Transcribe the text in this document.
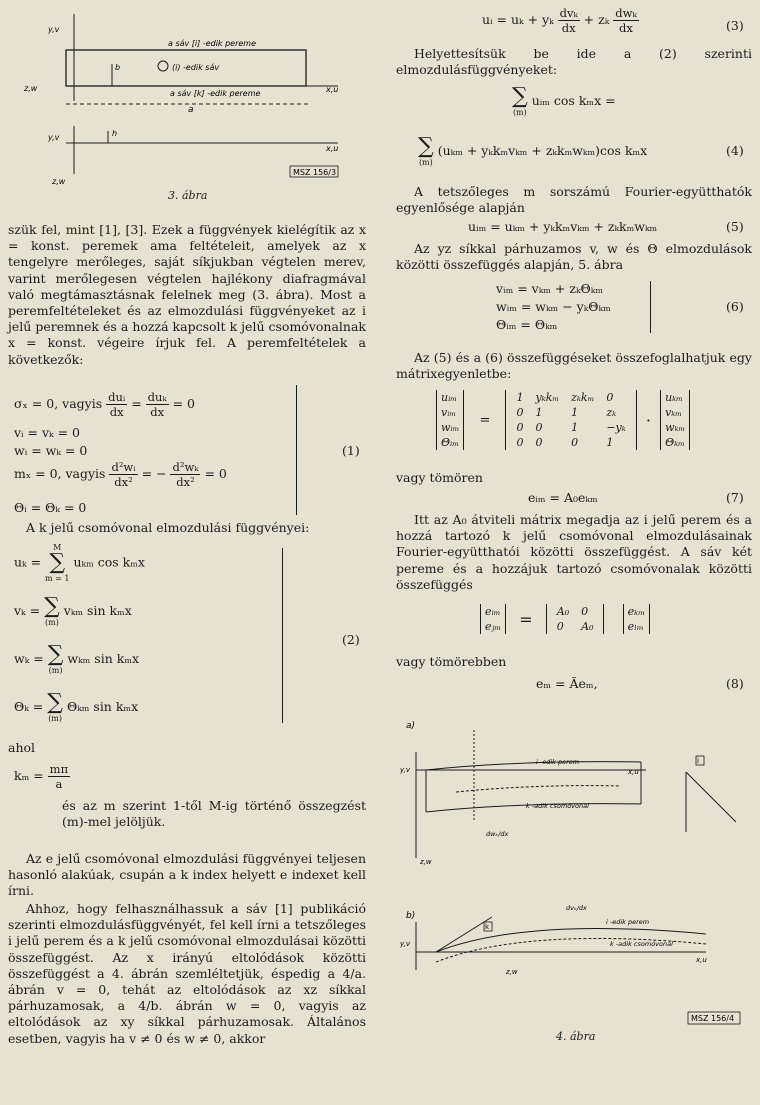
y,v
a sáv [i] -edik pereme
b	(i) -edik sáv
a sáv [k] -edik pereme
z,w	x,u
a
h
y,v
x,u
z,w
MSZ 156/3
3. ábra

szük fel, mint [1], [3]. Ezek a függvények kielégítik az x = konst. peremek ama feltételeit, amelyek az x tengelyre merőleges, saját síkjukban végtelen merev, varint merőlegesen végtelen hajlékony diafragmával való megtámasztásnak felelnek meg (3. ábra). Most a peremfeltételeket és az elmozdulási függvényeket az i jelű peremnek és a hozzá kapcsolt k jelű csomóvonalnak x = konst. végeire írjuk fel. A peremfeltételek a következők:

σₓ = 0, vagyis $\frac{\text{duᵢ}}{dx} = \frac{\text{duₖ}}{dx} = 0$
vᵢ = vₖ = 0
wᵢ = wₖ = 0
mₓ = 0, vagyis $\frac{\text{d²wᵢ}}{\text{dx²}}$ = − $\frac{\text{d²wₖ}}{\text{dx²}} = 0$
Θᵢ = Θₖ = 0
(1)

A k jelű csomóvonal elmozdulási függvényei:

uₖ =
M
∑
m = 1
uₖₘ cos kₘx
vₖ = ∑
(m)
vₖₘ sin kₘx
wₖ = ∑
(m)
wₖₘ sin kₘx
Θₖ = ∑
(m)
Θₖₘ sin kₘx
(2)
ahol
$k_m = \frac{m\pi}{a}$

és az m szerint 1-től M-ig történő összegzést (m)-mel jelöljük.

Az e jelű csomóvonal elmozdulási függvényei teljesen hasonló alakúak, csupán a k index helyett e indexet kell írni.

Ahhoz, hogy felhasználhassuk a sáv [1] publikáció szerinti elmozdulásfüggvényét, fel kell írni a tetszőleges i jelű perem és a k jelű csomóvonal elmozdulásai közötti összefüggést. Az x irányú eltolódások közötti összefüggést a 4. ábrán szemléltetjük, éspedig a 4/a. ábrán v = 0, tehát az eltolódások az xz síkkal párhuzamosak, a 4/b. ábrán w = 0, vagyis az eltolódások az xy síkkal párhuzamosak. Általános esetben, vagyis ha v ≠ 0 és w ≠ 0, akkor

uᵢ = uₖ + yₖ $\frac{\text{dvₖ}}{dx} + z_k \frac{\text{dwₖ}}{dx}$	(3)

Helyettesítsük be ide a (2) szerinti elmozdulásfüggvényeket:

∑
(m)
uᵢₘ cos kₘx =
∑
(m)
(uₖₘ + yₖkₘvₖₘ + zₖkₘwₖₘ)cos kₘx	(4)

A tetszőleges m sorszámú Fourier-együtthatók egyenlősége alapján

uᵢₘ = uₖₘ + yₖkₘvₖₘ + zₖkₘwₖₘ	(5)

Az yz síkkal párhuzamos v, w és Θ elmozdulások közötti összefüggés alapján, 5. ábra

vᵢₘ = vₖₘ + zₖΘₖₘ
wᵢₘ = wₖₘ − yₖΘₖₘ
Θᵢₘ = Θₖₘ
(6)

Az (5) és a (6) összefüggéseket összefoglalhatjuk egy mátrixegyenletbe:

uᵢₘ
vᵢₘ
wᵢₘ
Θᵢₘ
=
1	yₖkₘ	zₖkₘ	0
0	1	1	zₖ
0	0	1	−yₖ
0	0	0	1
·
uₖₘ
vₖₘ
wₖₘ
Θₖₘ

vagy tömören

eᵢₘ = A₀eₖₘ	(7)

Itt az A₀ átviteli mátrix megadja az i jelű perem és a hozzá tartozó k jelű csomóvonal elmozdulásainak Fourier-együtthatói közötti összefüggést. A sáv két pereme és a hozzájuk tartozó csomóvonalak közötti összefüggés

eᵢₘ
eⱼₘ = A₀	0
0	A₀

eₖₘ
eₗₘ

vagy tömörebben

eₘ = Ãeₘ,	(8)
a)
y,v
z,w
x,u
i -edik perem
k -adik csomóvonal
dwₖ/dx
i
b)
y,v
z,w
x,u
i -edik perem
k -adik csomóvonal
dvₖ/dx
k
MSZ 156/4
4. ábra
